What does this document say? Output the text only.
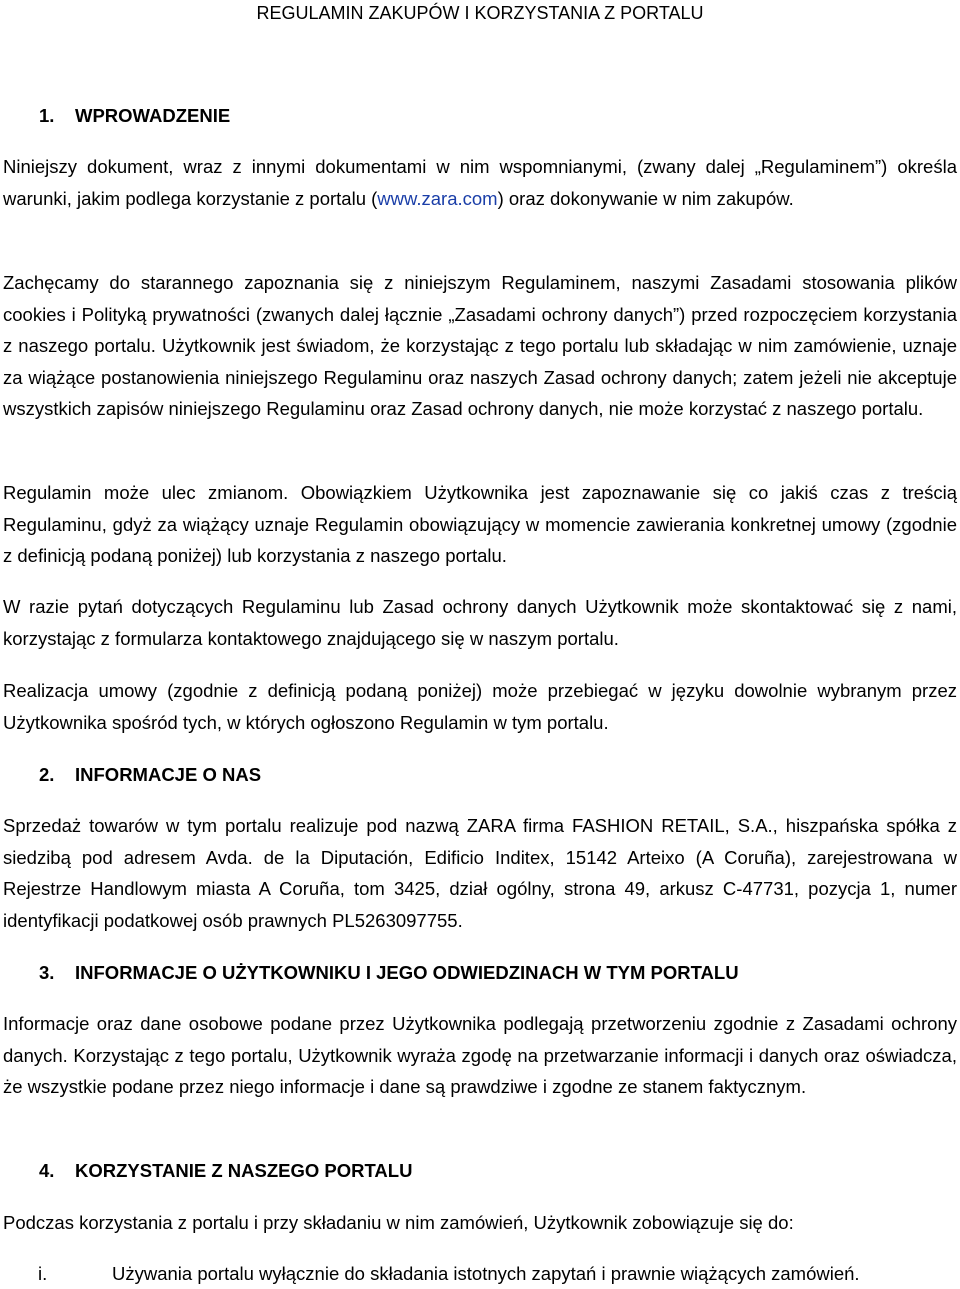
REGULAMIN ZAKUPÓW I KORZYSTANIA Z PORTALU
1. WPROWADZENIE

Niniejszy dokument, wraz z innymi dokumentami w nim wspomnianymi, (zwany dalej „Regulaminem”) określa warunki, jakim podlega korzystanie z portalu (www.zara.com) oraz dokonywanie w nim zakupów.

Zachęcamy do starannego zapoznania się z niniejszym Regulaminem, naszymi Zasadami stosowania plików cookies i Polityką prywatności (zwanych dalej łącznie „Zasadami ochrony danych”) przed rozpoczęciem korzystania z naszego portalu. Użytkownik jest świadom, że korzystając z tego portalu lub składając w nim zamówienie, uznaje za wiążące postanowienia niniejszego Regulaminu oraz naszych Zasad ochrony danych; zatem jeżeli nie akceptuje wszystkich zapisów niniejszego Regulaminu oraz Zasad ochrony danych, nie może korzystać z naszego portalu.

Regulamin może ulec zmianom. Obowiązkiem Użytkownika jest zapoznawanie się co jakiś czas z treścią Regulaminu, gdyż za wiążący uznaje Regulamin obowiązujący w momencie zawierania konkretnej umowy (zgodnie z definicją podaną poniżej) lub korzystania z naszego portalu.

W razie pytań dotyczących Regulaminu lub Zasad ochrony danych Użytkownik może skontaktować się z nami, korzystając z formularza kontaktowego znajdującego się w naszym portalu.

Realizacja umowy (zgodnie z definicją podaną poniżej) może przebiegać w języku dowolnie wybranym przez Użytkownika spośród tych, w których ogłoszono Regulamin w tym portalu.

2. INFORMACJE O NAS

Sprzedaż towarów w tym portalu realizuje pod nazwą ZARA firma FASHION RETAIL, S.A., hiszpańska spółka z siedzibą pod adresem Avda. de la Diputación, Edificio Inditex, 15142 Arteixo (A Coruña), zarejestrowana w Rejestrze Handlowym miasta A Coruña, tom 3425, dział ogólny, strona 49, arkusz C-47731, pozycja 1, numer identyfikacji podatkowej osób prawnych PL5263097755.

3. INFORMACJE O UŻYTKOWNIKU I JEGO ODWIEDZINACH W TYM PORTALU

Informacje oraz dane osobowe podane przez Użytkownika podlegają przetworzeniu zgodnie z Zasadami ochrony danych. Korzystając z tego portalu, Użytkownik wyraża zgodę na przetwarzanie informacji i danych oraz oświadcza, że wszystkie podane przez niego informacje i dane są prawdziwe i zgodne ze stanem faktycznym.

4. KORZYSTANIE Z NASZEGO PORTALU

Podczas korzystania z portalu i przy składaniu w nim zamówień, Użytkownik zobowiązuje się do:

i.	Używania portalu wyłącznie do składania istotnych zapytań i prawnie wiążących zamówień.
